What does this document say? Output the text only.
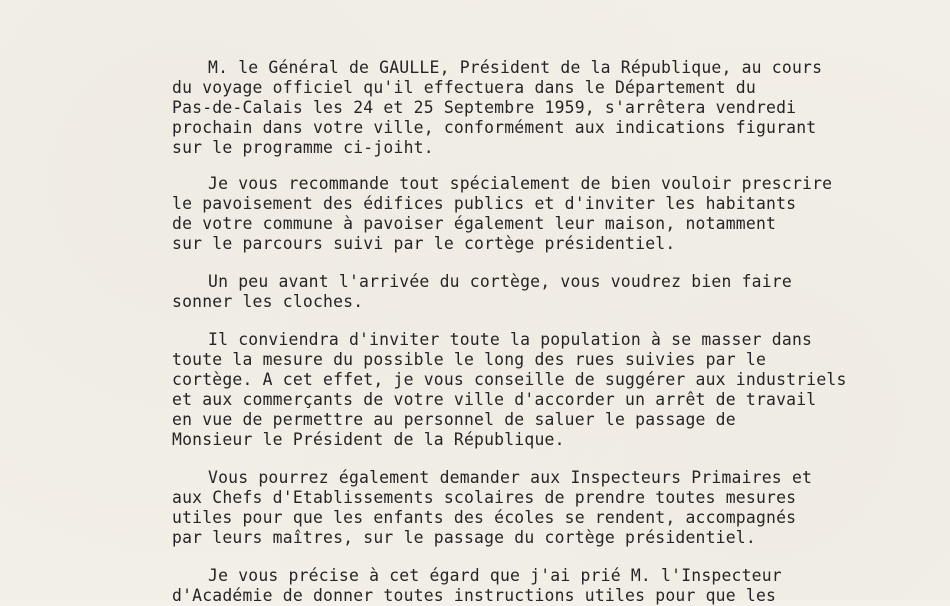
M. le Général de GAULLE, Président de la République, au cours

du voyage officiel qu'il effectuera dans le Département du

Pas-de-Calais les 24 et 25 Septembre 1959, s'arrêtera vendredi

prochain dans votre ville, conformément aux indications figurant

sur le programme ci-joiht.

Je vous recommande tout spécialement de bien vouloir prescrire

le pavoisement des édifices publics et d'inviter les habitants

de votre commune à pavoiser également leur maison, notamment

sur le parcours suivi par le cortège présidentiel.

Un peu avant l'arrivée du cortège, vous voudrez bien faire

sonner les cloches.

Il conviendra d'inviter toute la population à se masser dans

toute la mesure du possible le long des rues suivies par le

cortège. A cet effet, je vous conseille de suggérer aux industriels

et aux commerçants de votre ville d'accorder un arrêt de travail

en vue de permettre au personnel de saluer le passage de

Monsieur le Président de la République.

Vous pourrez également demander aux Inspecteurs Primaires et

aux Chefs d'Etablissements scolaires de prendre toutes mesures

utiles pour que les enfants des écoles se rendent, accompagnés

par leurs maîtres, sur le passage du cortège présidentiel.

Je vous précise à cet égard que j'ai prié M. l'Inspecteur

d'Académie de donner toutes instructions utiles pour que les
